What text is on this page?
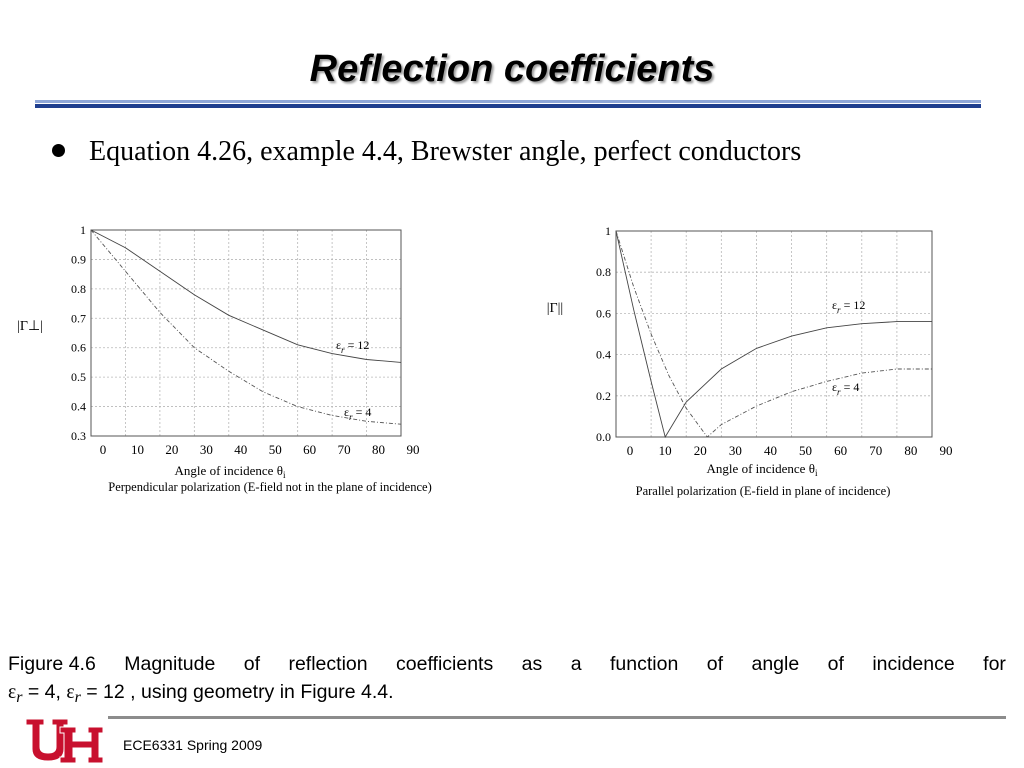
Reflection coefficients
Equation 4.26, example 4.4, Brewster angle, perfect conductors
0 10 20 30 40 50 60 70 80 90
0.3
0.4
0.5
0.6
0.7
0.8
0.9
1
$\varepsilon_r = 12$
$\varepsilon_r = 4$
|Γ⊥|
Angle of incidence $\theta_i$
Perpendicular polarization (E-field not in the plane of incidence)
0 10 20 30 40 50 60 70 80 90
0.0
0.2
0.4
0.6
0.8
1
$\varepsilon_r = 12$
$\varepsilon_r = 4$
|Γ||
Angle of incidence $\theta_i$
Parallel polarization (E-field in plane of incidence)
Figure 4.6 Magnitude of reflection coefficients as a function of angle of incidence for
$\varepsilon_r = 4$, $\varepsilon_r = 12$ , using geometry in Figure 4.4.
ECE6331 Spring 2009
